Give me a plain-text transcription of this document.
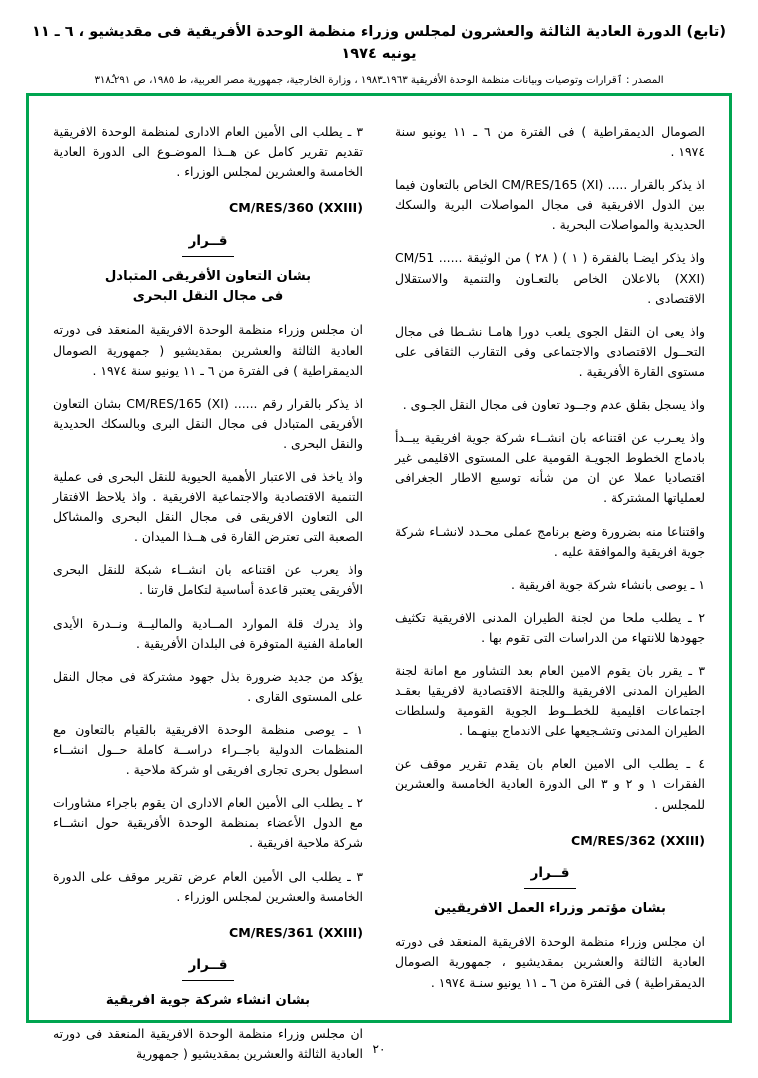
(تابع) الدورة العادية الثالثة والعشرون لمجلس وزراء منظمة الوحدة الأفريقية فى مقديشيو ، ٦ ـ ١١ يونيه ١٩٧٤
المصدر : ٱقرارات وتوصيات وبيانات منظمة الوحدة الأفريقية ١٩٦٣ـ١٩٨٣ ، وزارة الخارجية، جمهورية مصر العربية، ط ١٩٨٥، ص ٢٩١ـ٣١٨ٌ
الصومال الديمقراطية ) فى الفترة من ٦ ـ ١١ يونيو سنة ١٩٧٤ .
اذ يذكر بالقرار ..... CM/RES/165 (XI) الخاص بالتعاون فيما بين الدول الافريقية فى مجال المواصلات البرية والسكك الحديدية والمواصلات البحرية .
واذ يذكر ايضـا بالفقرة ( ١ ) ( ٢٨ ) من الوثيقة ...... CM/51 (XXI) بالاعلان الخاص بالتعـاون والتنمية والاستقلال الاقتصادى .
واذ يعى ان النقل الجوى يلعب دورا هامـا نشـطا فى مجال التحــول الاقتصادى والاجتماعى وفى التقارب الثقافى على مستوى القارة الأفريقية .
واذ يسجل بقلق عدم وجــود تعاون فى مجال النقل الجـوى .
واذ يعـرب عن اقتناعه بان انشــاء شركة جوية افريقية يبــدأ بادماج الخطوط الجويـة القومية على المستوى الاقليمى غير اقتصاديا عملا عن ان من شأنه توسيع الاطار الجغرافى لعملياتها المشتركة .
واقتناعا منه بضرورة وضع برنامج عملى محـدد لانشـاء شركة جوية افريقية والموافقة عليه .
١ ـ يوصى بانشاء شركة جوية افريقية .
٢ ـ يطلب ملحا من لجنة الطيران المدنى الافريقية تكثيف جهودها للانتهاء من الدراسات التى تقوم بها .
٣ ـ يقرر بان يقوم الامين العام بعد التشاور مع امانة لجنة الطيران المدنى الافريقية واللجنة الاقتصادية لافريقيا بعقـد اجتماعات اقليمية للخطــوط الجوية القومية ولسلطات الطيران المدنى وتشـجيعها على الاندماج بينهـما .
٤ ـ يطلب الى الامين العام بان يقدم تقرير موقف عن الفقرات ١ و ٢ و ٣ الى الدورة العادية الخامسة والعشرين للمجلس .
CM/RES/362 (XXIII)
قــرار
بشان مؤتمر وزراء العمل الافريقيين
ان مجلس وزراء منظمة الوحدة الافريقية المنعقد فى دورته العادية الثالثة والعشرين بمقديشيو ، جمهورية الصومال الديمقراطية ) فى الفترة من ٦ ـ ١١ يونيو سنـة ١٩٧٤ .
٣ ـ يطلب الى الأمين العام الادارى لمنظمة الوحدة الافريقية تقديم تقرير كامل عن هــذا الموضـوع الى الدورة العادية الخامسة والعشرين لمجلس الوزراء .
CM/RES/360 (XXIII)
قــرار
بشان التعاون الأفريقى المتبادل
فى مجال النقل البحرى
ان مجلس وزراء منظمة الوحدة الافريقية المنعقد فى دورته العادية الثالثة والعشرين بمقديشيو ( جمهورية الصومال الديمقراطية ) فى الفترة من ٦ ـ ١١ يونيو سنة ١٩٧٤ .
اذ يذكر بالقرار رقم ...... CM/RES/165 (XI) بشان التعاون الأفريقى المتبادل فى مجال النقل البرى وبالسكك الحديدية والنقل البحرى .
واذ ياخذ فى الاعتبار الأهمية الحيوية للنقل البحرى فى عملية التنمية الاقتصادية والاجتماعية الافريقية . واذ يلاحظ الافتقار الى التعاون الافريقى فى مجال النقل البحرى والمشاكل الصعبة التى تعترض القارة فى هــذا الميدان .
واذ يعرب عن اقتناعه بان انشــاء شبكة للنقل البحرى الأفريقى يعتبر قاعدة أساسية لتكامل قارتنا .
واذ يدرك قلة الموارد المــادية والماليــة ونــدرة الأيدى العاملة الفنية المتوفرة فى البلدان الأفريقية .
يؤكد من جديد ضرورة بذل جهود مشتركة فى مجال النقل على المستوى القارى .
١ ـ يوصى منظمة الوحدة الافريقية بالقيام بالتعاون مع المنظمات الدولية باجــراء دراســة كاملة حــول انشــاء اسطول بحرى تجارى افريقى او شركة ملاحية .
٢ ـ يطلب الى الأمين العام الادارى ان يقوم باجراء مشاورات مع الدول الأعضاء بمنظمة الوحدة الأفريقية حول انشــاء شركة ملاحية افريقية .
٣ ـ يطلب الى الأمين العام عرض تقرير موقف على الدورة الخامسة والعشرين لمجلس الوزراء .
CM/RES/361 (XXIII)
قــرار
بشان انشاء شركة جوية افريقية
ان مجلس وزراء منظمة الوحدة الافريقية المنعقد فى دورته العادية الثالثة والعشرين بمقديشيو ( جمهورية ٢٠
